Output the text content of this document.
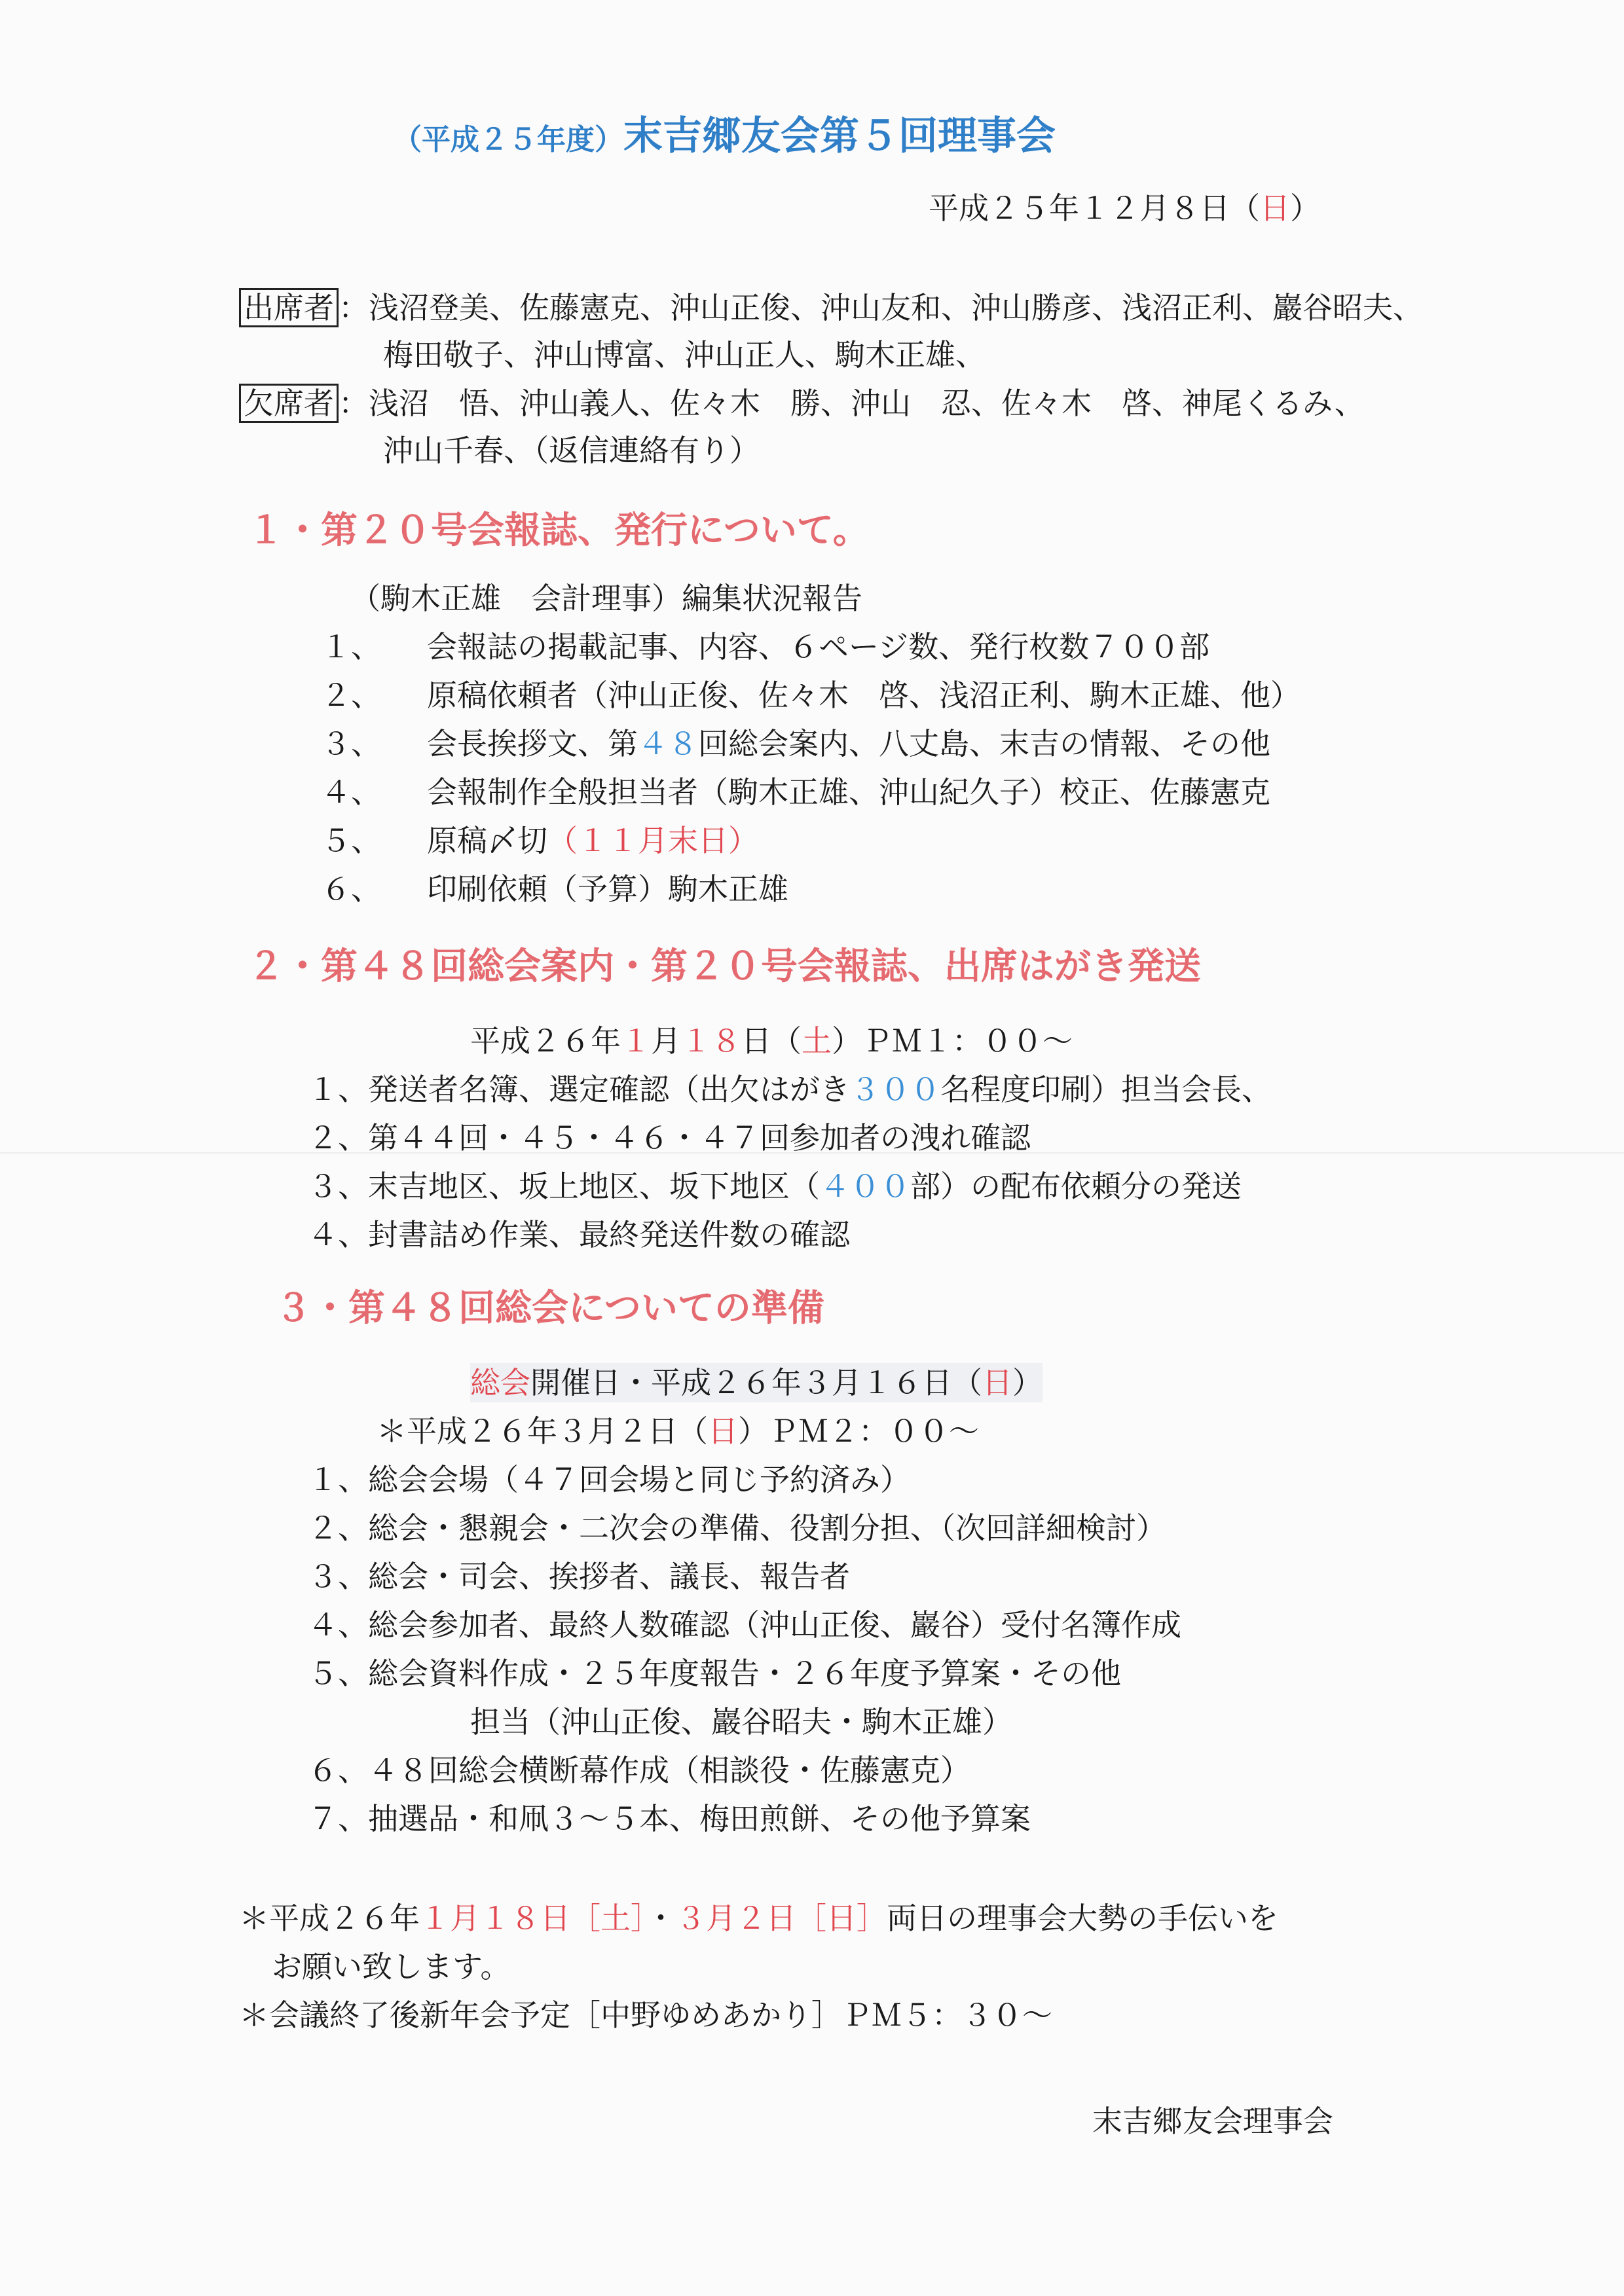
（平成２５年度）末吉郷友会第５回理事会
平成２５年１２月８日（日）
出席者 ：浅沼登美、佐藤憲克、沖山正俊、沖山友和、沖山勝彦、浅沼正利、巖谷昭夫、
梅田敬子、沖山博富、沖山正人、駒木正雄、
欠席者 ：浅沼　悟、沖山義人、佐々木　勝、沖山　忍、佐々木　啓、神尾くるみ、
沖山千春、（返信連絡有り）
１・第２０号会報誌、発行について。
（駒木正雄　会計理事）編集状況報告
１、 会報誌の掲載記事、内容、６ページ数、発行枚数７００部
２、 原稿依頼者（沖山正俊、佐々木　啓、浅沼正利、駒木正雄、他）
３、 会長挨拶文、第４８回総会案内、八丈島、末吉の情報、その他
４、 会報制作全般担当者（駒木正雄、沖山紀久子）校正、佐藤憲克
５、 原稿〆切（１１月末日）
６、 印刷依頼（予算）駒木正雄
２・第４８回総会案内・第２０号会報誌、出席はがき発送
平成２６年１月１８日（土）ＰＭ１：００～
１、発送者名簿、選定確認（出欠はがき３００名程度印刷）担当会長、
２、第４４回・４５・４６・４７回参加者の洩れ確認
３、末吉地区、坂上地区、坂下地区（４００部）の配布依頼分の発送
４、封書詰め作業、最終発送件数の確認
３・第４８回総会についての準備
総会開催日・平成２６年３月１６日（日）
＊平成２６年３月２日（日）ＰＭ２：００～
１、総会会場（４７回会場と同じ予約済み）
２、総会・懇親会・二次会の準備、役割分担、（次回詳細検討）
３、総会・司会、挨拶者、議長、報告者
４、総会参加者、最終人数確認（沖山正俊、巖谷）受付名簿作成
５、総会資料作成・２５年度報告・２６年度予算案・その他
担当（沖山正俊、巖谷昭夫・駒木正雄）
６、４８回総会横断幕作成（相談役・佐藤憲克）
７、抽選品・和凧３～５本、梅田煎餅、その他予算案
＊平成２６年１月１８日［土］・３月２日［日］両日の理事会大勢の手伝いを
お願い致します。
＊会議終了後新年会予定［中野ゆめあかり］ＰＭ５：３０～
末吉郷友会理事会
